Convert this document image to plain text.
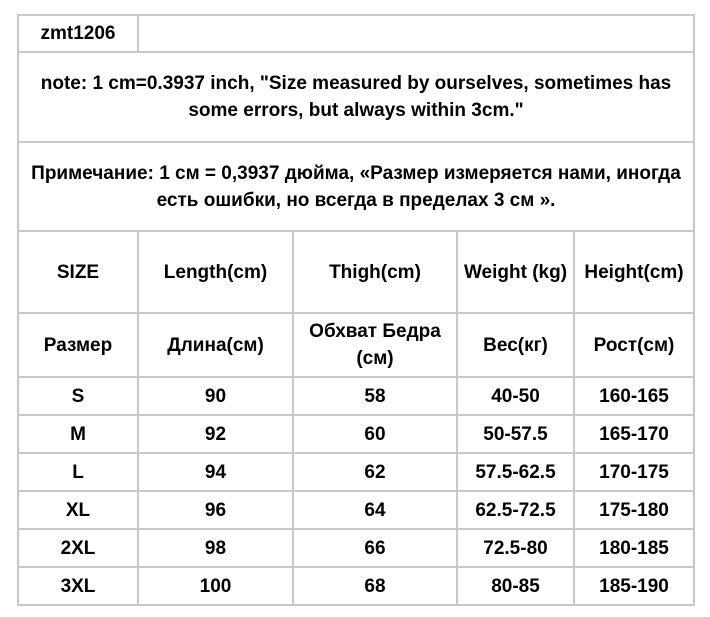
zmt1206				
note: 1 cm=0.3937 inch, "Size measured by ourselves, sometimes has some errors, but always within 3cm."				
Примечание: 1 см = 0,3937 дюйма, «Размер измеряется нами, иногда есть ошибки, но всегда в пределах 3 см ».				
SIZE	Length(cm)	Thigh(cm)	Weight (kg)	Height(cm)
Размер	Длина(см)	Обхват Бедра (см)	Вес(кг)	Рост(см)
S	90	58	40-50	160-165
M	92	60	50-57.5	165-170
L	94	62	57.5-62.5	170-175
XL	96	64	62.5-72.5	175-180
2XL	98	66	72.5-80	180-185
3XL	100	68	80-85	185-190
